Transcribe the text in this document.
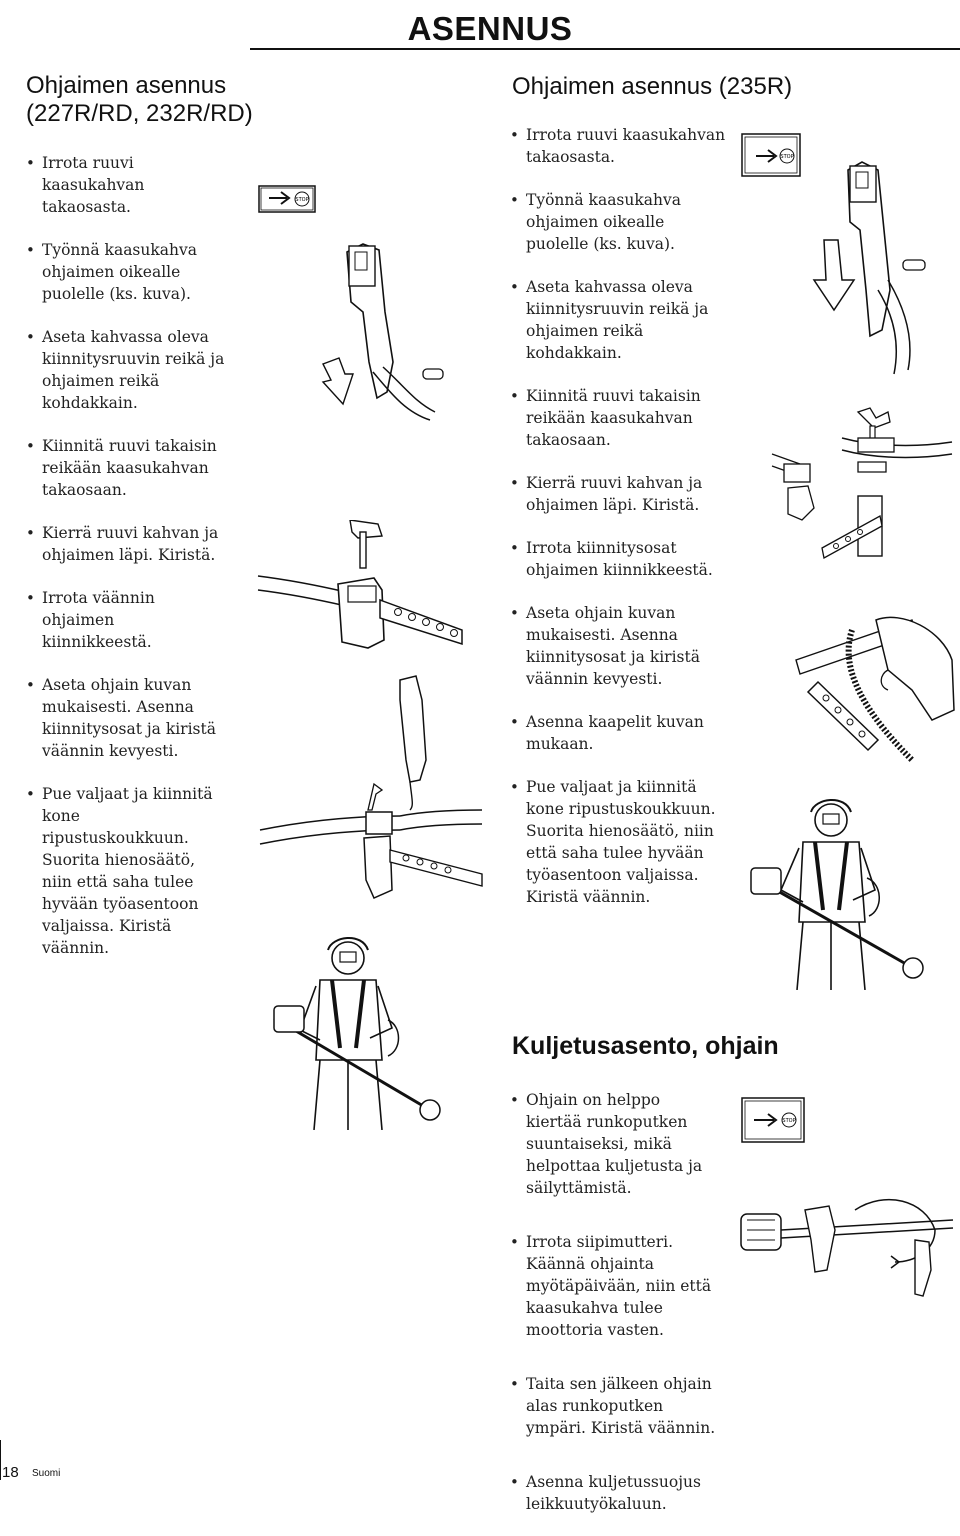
ASENNUS
Ohjaimen asennus
(227R/RD, 232R/RD)
• Irrota ruuvi kaasukahvan takaosasta.
• Työnnä kaasukahva ohjaimen oikealle puolelle (ks. kuva).
• Aseta kahvassa oleva kiinnitysruuvin reikä ja ohjaimen reikä kohdakkain.
• Kiinnitä ruuvi takaisin reikään kaasukahvan takaosaan.
• Kierrä ruuvi kahvan ja ohjaimen läpi. Kiristä.
• Irrota väännin ohjaimen kiinnikkeestä.
• Aseta ohjain kuvan mukaisesti. Asenna kiinnitysosat ja kiristä väännin kevyesti.
• Pue valjaat ja kiinnitä kone ripustuskoukkuun. Suorita hienosäätö, niin että saha tulee hyvään työasentoon valjaissa. Kiristä väännin.
STOP
Ohjaimen asennus (235R)
• Irrota ruuvi kaasukahvan takaosasta.
• Työnnä kaasukahva ohjaimen oikealle puolelle (ks. kuva).
• Aseta kahvassa oleva kiinnitysruuvin reikä ja ohjaimen reikä kohdakkain.
• Kiinnitä ruuvi takaisin reikään kaasukahvan takaosaan.
• Kierrä ruuvi kahvan ja ohjaimen läpi. Kiristä.
• Irrota kiinnitysosat ohjaimen kiinnikkeestä.
• Aseta ohjain kuvan mukaisesti. Asenna kiinnitysosat ja kiristä väännin kevyesti.
• Asenna kaapelit kuvan mukaan.
• Pue valjaat ja kiinnitä kone ripustuskoukkuun. Suorita hienosäätö, niin että saha tulee hyvään työasentoon valjaissa. Kiristä väännin.
STOP
Kuljetusasento, ohjain
• Ohjain on helppo kiertää runkoputken suuntaiseksi, mikä helpottaa kuljetusta ja säilyttämistä.
• Irrota siipimutteri. Käännä ohjainta myötäpäivään, niin että kaasukahva tulee moottoria vasten.
• Taita sen jälkeen ohjain alas runkoputken ympäri. Kiristä väännin.
• Asenna kuljetussuojus leikkuutyökaluun.
STOP
18 Suomi
